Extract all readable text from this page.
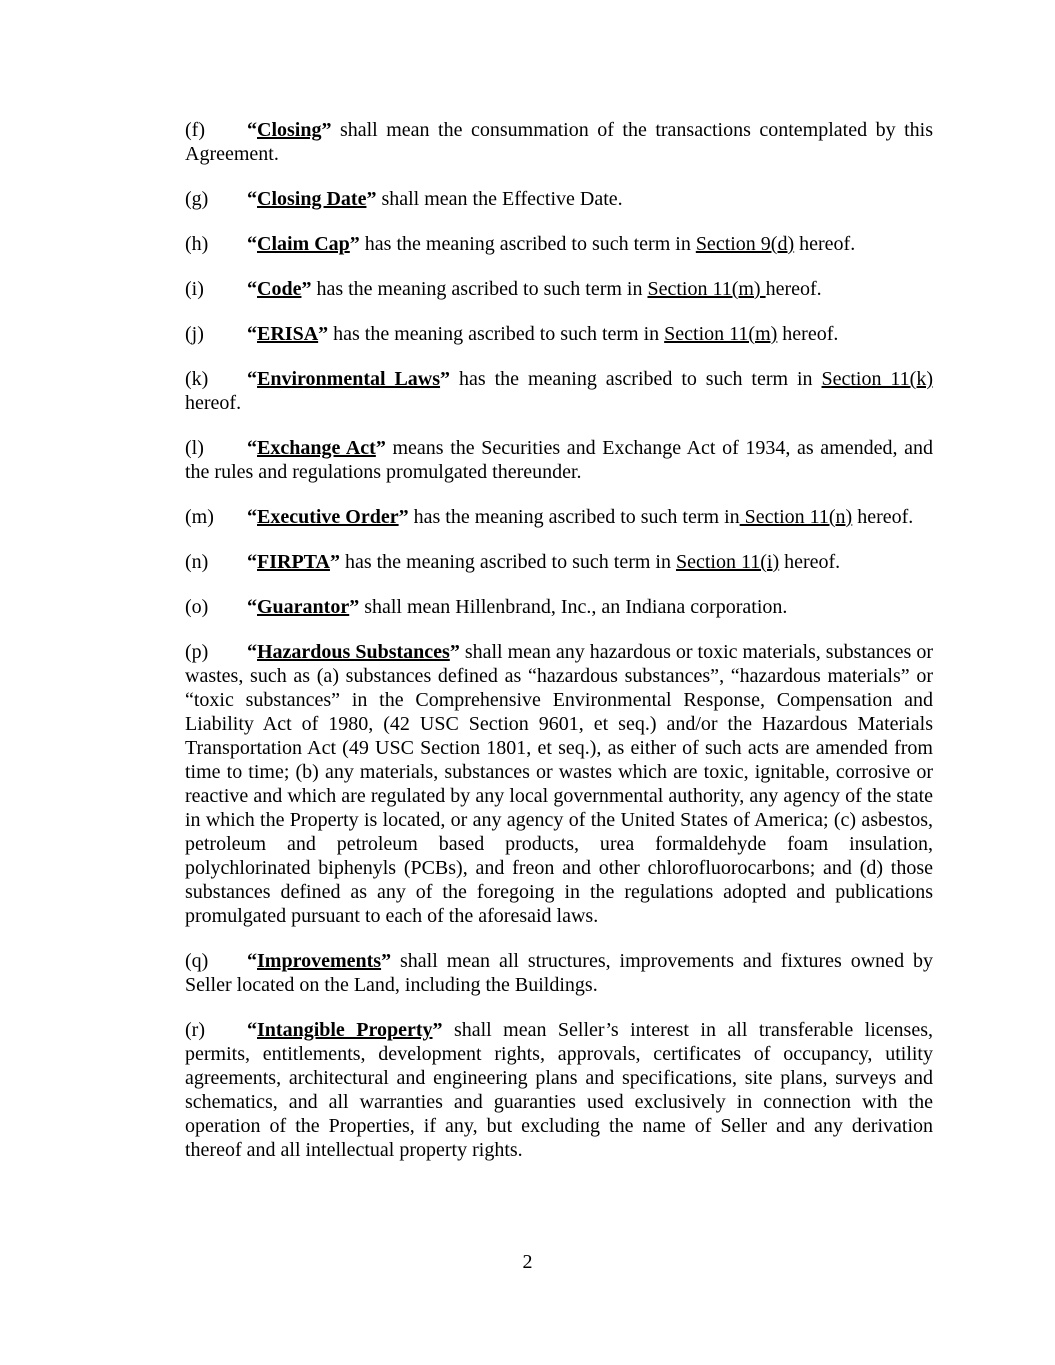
(f) “Closing” shall mean the consummation of the transactions contemplated by this Agreement.

(g) “Closing Date” shall mean the Effective Date.

(h) “Claim Cap” has the meaning ascribed to such term in Section 9(d) hereof.

(i) “Code” has the meaning ascribed to such term in Section 11(m) hereof.

(j) “ERISA” has the meaning ascribed to such term in Section 11(m) hereof.

(k) “Environmental Laws” has the meaning ascribed to such term in Section 11(k) hereof.

(l) “Exchange Act” means the Securities and Exchange Act of 1934, as amended, and the rules and regulations promulgated thereunder.

(m) “Executive Order” has the meaning ascribed to such term in Section 11(n) hereof.

(n) “FIRPTA” has the meaning ascribed to such term in Section 11(i) hereof.

(o) “Guarantor” shall mean Hillenbrand, Inc., an Indiana corporation.

(p) “Hazardous Substances” shall mean any hazardous or toxic materials, substances or wastes, such as (a) substances defined as “hazardous substances”, “hazardous materials” or “toxic substances” in the Comprehensive Environmental Response, Compensation and Liability Act of 1980, (42 USC Section 9601, et seq.) and/or the Hazardous Materials Transportation Act (49 USC Section 1801, et seq.), as either of such acts are amended from time to time; (b) any materials, substances or wastes which are toxic, ignitable, corrosive or reactive and which are regulated by any local governmental authority, any agency of the state in which the Property is located, or any agency of the United States of America; (c) asbestos, petroleum and petroleum based products, urea formaldehyde foam insulation, polychlorinated biphenyls (PCBs), and freon and other chlorofluorocarbons; and (d) those substances defined as any of the foregoing in the regulations adopted and publications promulgated pursuant to each of the aforesaid laws.

(q) “Improvements” shall mean all structures, improvements and fixtures owned by Seller located on the Land, including the Buildings.

(r) “Intangible Property” shall mean Seller’s interest in all transferable licenses, permits, entitlements, development rights, approvals, certificates of occupancy, utility agreements, architectural and engineering plans and specifications, site plans, surveys and schematics, and all warranties and guaranties used exclusively in connection with the operation of the Properties, if any, but excluding the name of Seller and any derivation thereof and all intellectual property rights.

2
